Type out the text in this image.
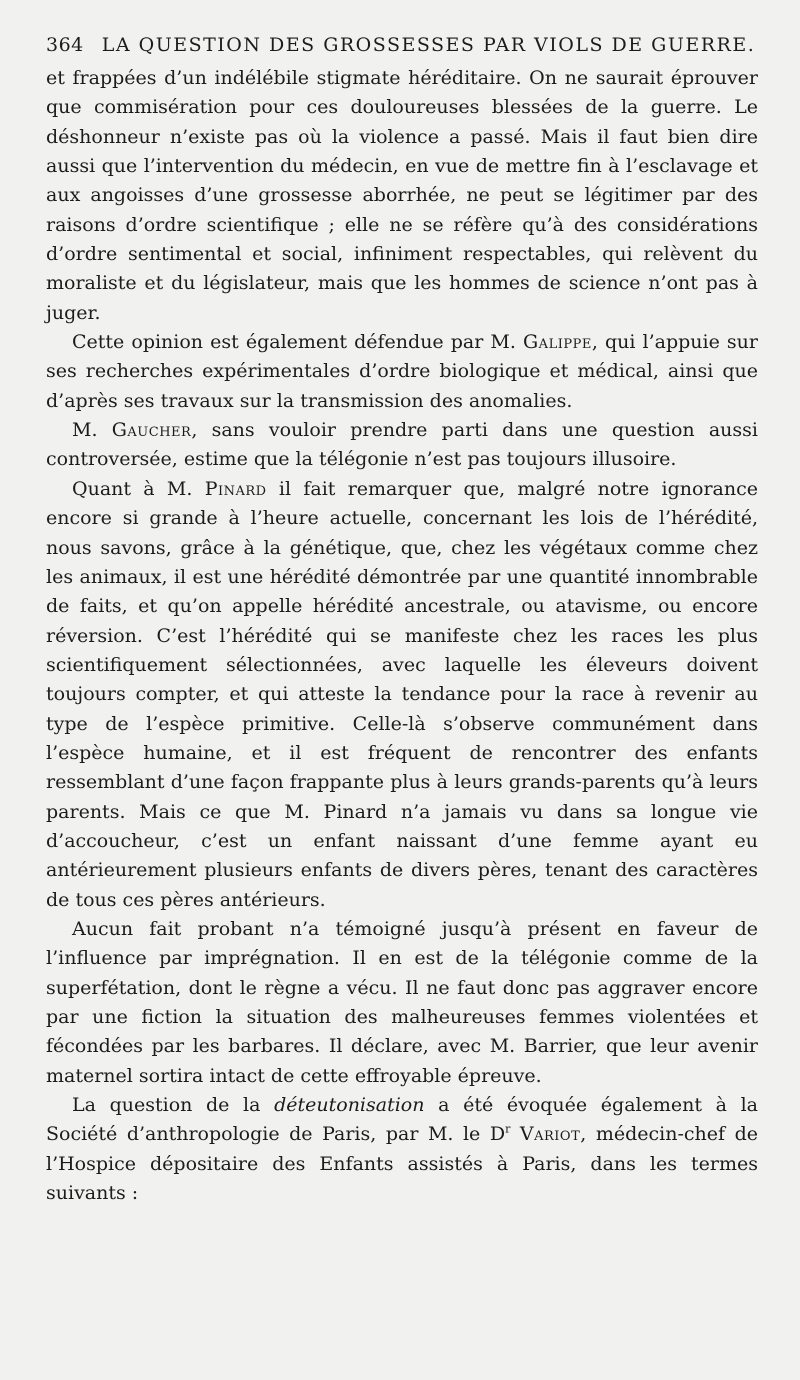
364 LA QUESTION DES GROSSESSES PAR VIOLS DE GUERRE.

et frappées d’un indélébile stigmate héréditaire. On ne saurait éprouver que commisération pour ces douloureuses blessées de la guerre. Le déshonneur n’existe pas où la violence a passé. Mais il faut bien dire aussi que l’intervention du médecin, en vue de mettre fin à l’esclavage et aux angoisses d’une grossesse aborrhée, ne peut se légitimer par des raisons d’ordre scientifique ; elle ne se réfère qu’à des considérations d’ordre sentimental et social, infiniment respectables, qui relèvent du moraliste et du législateur, mais que les hommes de science n’ont pas à juger.

Cette opinion est également défendue par M. Galippe, qui l’appuie sur ses recherches expérimentales d’ordre biologique et médical, ainsi que d’après ses travaux sur la transmission des anomalies.

M. Gaucher, sans vouloir prendre parti dans une question aussi controversée, estime que la télégonie n’est pas toujours illusoire.

Quant à M. Pinard il fait remarquer que, malgré notre ignorance encore si grande à l’heure actuelle, concernant les lois de l’hérédité, nous savons, grâce à la génétique, que, chez les végétaux comme chez les animaux, il est une hérédité démontrée par une quantité innombrable de faits, et qu’on appelle hérédité ancestrale, ou atavisme, ou encore réversion. C’est l’hérédité qui se manifeste chez les races les plus scientifiquement sélectionnées, avec laquelle les éleveurs doivent toujours compter, et qui atteste la tendance pour la race à revenir au type de l’espèce primitive. Celle-là s’observe communément dans l’espèce humaine, et il est fréquent de rencontrer des enfants ressemblant d’une façon frappante plus à leurs grands-parents qu’à leurs parents. Mais ce que M. Pinard n’a jamais vu dans sa longue vie d’accoucheur, c’est un enfant naissant d’une femme ayant eu antérieurement plusieurs enfants de divers pères, tenant des caractères de tous ces pères antérieurs.

Aucun fait probant n’a témoigné jusqu’à présent en faveur de l’influence par imprégnation. Il en est de la télégonie comme de la superfétation, dont le règne a vécu. Il ne faut donc pas aggraver encore par une fiction la situation des malheureuses femmes violentées et fécondées par les barbares. Il déclare, avec M. Barrier, que leur avenir maternel sortira intact de cette effroyable épreuve.

La question de la déteutonisation a été évoquée également à la Société d’anthropologie de Paris, par M. le $D^r$ Variot, médecin-chef de l’Hospice dépositaire des Enfants assistés à Paris, dans les termes suivants :
